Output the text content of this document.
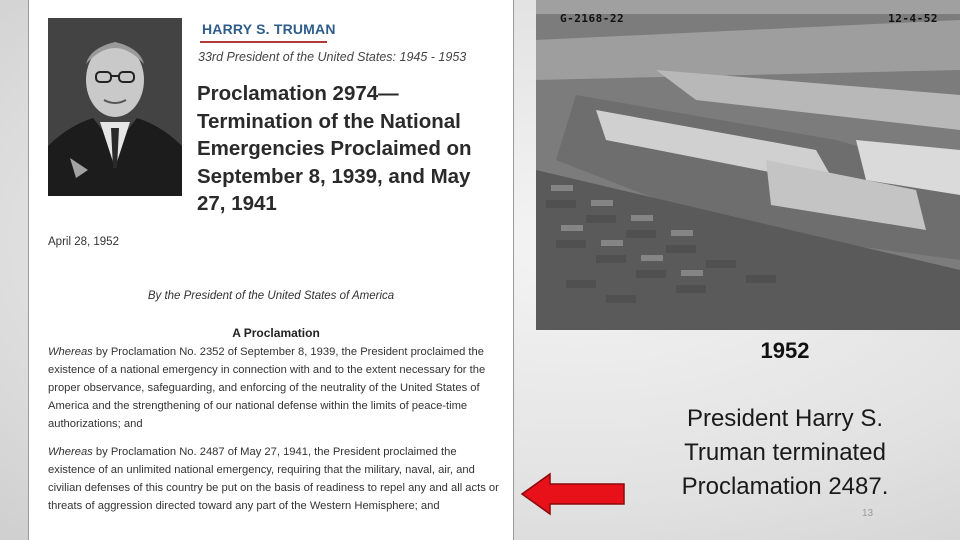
HARRY S. TRUMAN
33rd President of the United States: 1945 - 1953
Proclamation 2974—Termination of the National Emergencies Proclaimed on September 8, 1939, and May 27, 1941
April 28, 1952
By the President of the United States of America
A Proclamation

Whereas by Proclamation No. 2352 of September 8, 1939, the President proclaimed the existence of a national emergency in connection with and to the extent necessary for the proper observance, safeguarding, and enforcing of the neutrality of the United States of America and the strengthening of our national defense within the limits of peace-time authorizations; and

Whereas by Proclamation No. 2487 of May 27, 1941, the President proclaimed the existence of an unlimited national emergency, requiring that the military, naval, air, and civilian defenses of this country be put on the basis of readiness to repel any and all acts or threats of aggression directed toward any part of the Western Hemisphere; and

G-2168-22	12-4-52
1952

President Harry S. Truman terminated Proclamation 2487.

13
